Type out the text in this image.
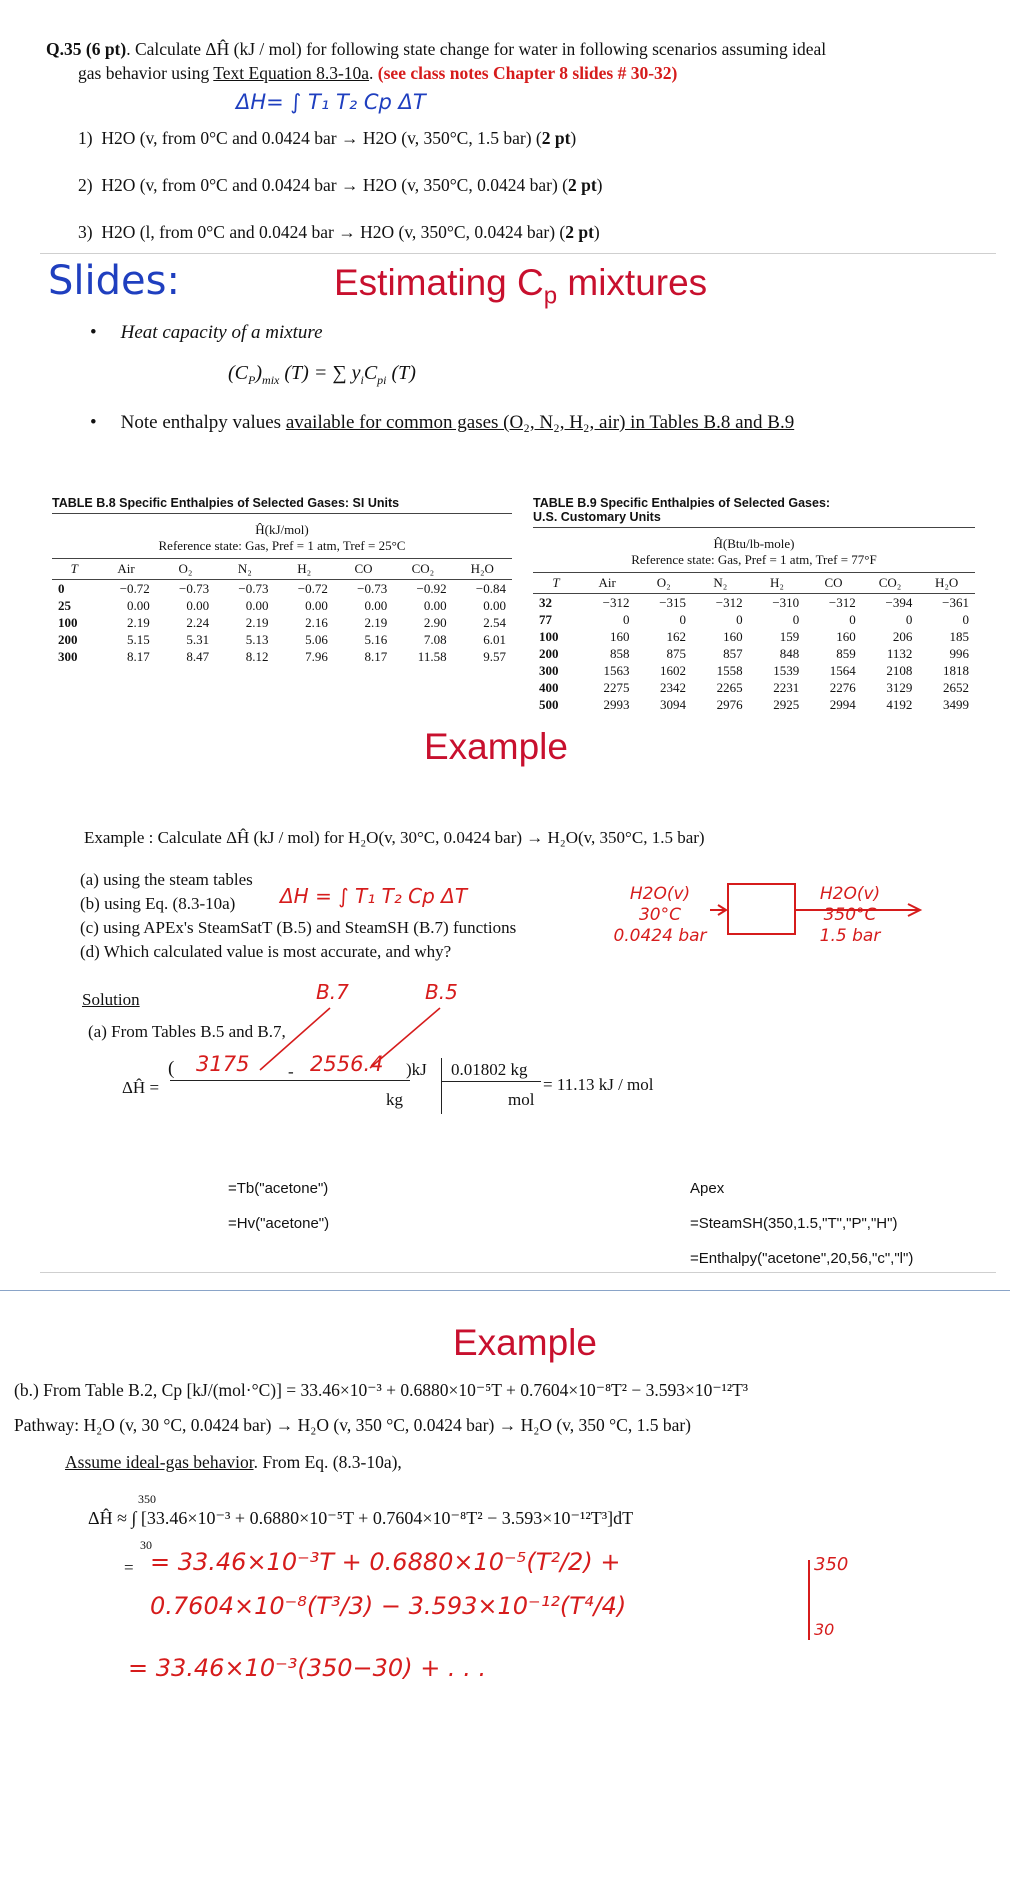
Q.35 (6 pt). Calculate ΔĤ (kJ / mol) for following state change for water in following scenarios assuming ideal
gas behavior using Text Equation 8.3-10a. (see class notes Chapter 8 slides # 30-32)
ΔH= ∫ T₁ T₂ Cp ΔT
1) H2O (v, from 0°C and 0.0424 bar → H2O (v, 350°C, 1.5 bar) (2 pt)
2) H2O (v, from 0°C and 0.0424 bar → H2O (v, 350°C, 0.0424 bar) (2 pt)
3) H2O (l, from 0°C and 0.0424 bar → H2O (v, 350°C, 0.0424 bar) (2 pt)
Slides:	Estimating $C_p$ mixtures
• Heat capacity of a mixture
$(C_P)_{mix}$ (T) = ∑ $y_iC_{pi}$ (T)
• Note enthalpy values available for common gases (O₂, N₂, H₂, air) in Tables B.8 and B.9
TABLE B.8 Specific Enthalpies of Selected Gases: SI Units
Ĥ(kJ/mol)
Reference state: Gas, Pref = 1 atm, Tref = 25°C
T	Air	O₂	N₂	H₂	CO	CO₂	H₂O
0	−0.72	−0.73	−0.73	−0.72	−0.73	−0.92	−0.84
25	0.00	0.00	0.00	0.00	0.00	0.00	0.00
100	2.19	2.24	2.19	2.16	2.19	2.90	2.54
200	5.15	5.31	5.13	5.06	5.16	7.08	6.01
300	8.17	8.47	8.12	7.96	8.17	11.58	9.57
TABLE B.9 Specific Enthalpies of Selected Gases:
U.S. Customary Units
Ĥ(Btu/lb-mole)
Reference state: Gas, Pref = 1 atm, Tref = 77°F
T	Air	O₂	N₂	H₂	CO	CO₂	H₂O
32	−312	−315	−312	−310	−312	−394	−361
77	0	0	0	0	0	0	0
100	160	162	160	159	160	206	185
200	858	875	857	848	859	1132	996
300	1563	1602	1558	1539	1564	2108	1818
400	2275	2342	2265	2231	2276	3129	2652
500	2993	3094	2976	2925	2994	4192	3499
Example
Example : Calculate ΔĤ (kJ / mol) for H₂O(v, 30°C, 0.0424 bar) → H₂O(v, 350°C, 1.5 bar)
(a) using the steam tables
(b) using Eq. (8.3-10a)
(c) using APEx's SteamSatT (B.5) and SteamSH (B.7) functions
(d) Which calculated value is most accurate, and why?
ΔH = ∫ T₁ T₂ Cp ΔT	H2O(v)
30°C
0.0424 bar
H2O(v)
350°C
1.5 bar
Solution
(a) From Tables B.5 and B.7,
B.7	B.5
ΔĤ =
( 3175 - 2556.4 )kJ
kg
0.01802 kg
mol
= 11.13 kJ / mol
=Tb("acetone")
=Hv("acetone")
Apex
=SteamSH(350,1.5,"T","P","H")
=Enthalpy("acetone",20,56,"c","l")
Example
(b.) From Table B.2, Cp [kJ/(mol·°C)] = 33.46×10⁻³ + 0.6880×10⁻⁵T + 0.7604×10⁻⁸T² − 3.593×10⁻¹²T³
Pathway: H₂O (v, 30 °C, 0.0424 bar) → H₂O (v, 350 °C, 0.0424 bar) → H₂O (v, 350 °C, 1.5 bar)
Assume ideal-gas behavior. From Eq. (8.3-10a),
350
ΔĤ ≈ ∫ [33.46×10⁻³ + 0.6880×10⁻⁵T + 0.7604×10⁻⁸T² − 3.593×10⁻¹²T³]dT
30
= = 33.46×10⁻³T + 0.6880×10⁻⁵(T²/2) +
0.7604×10⁻⁸(T³/3) − 3.593×10⁻¹²(T⁴/4)
350
30
= 33.46×10⁻³(350−30) + . . .
